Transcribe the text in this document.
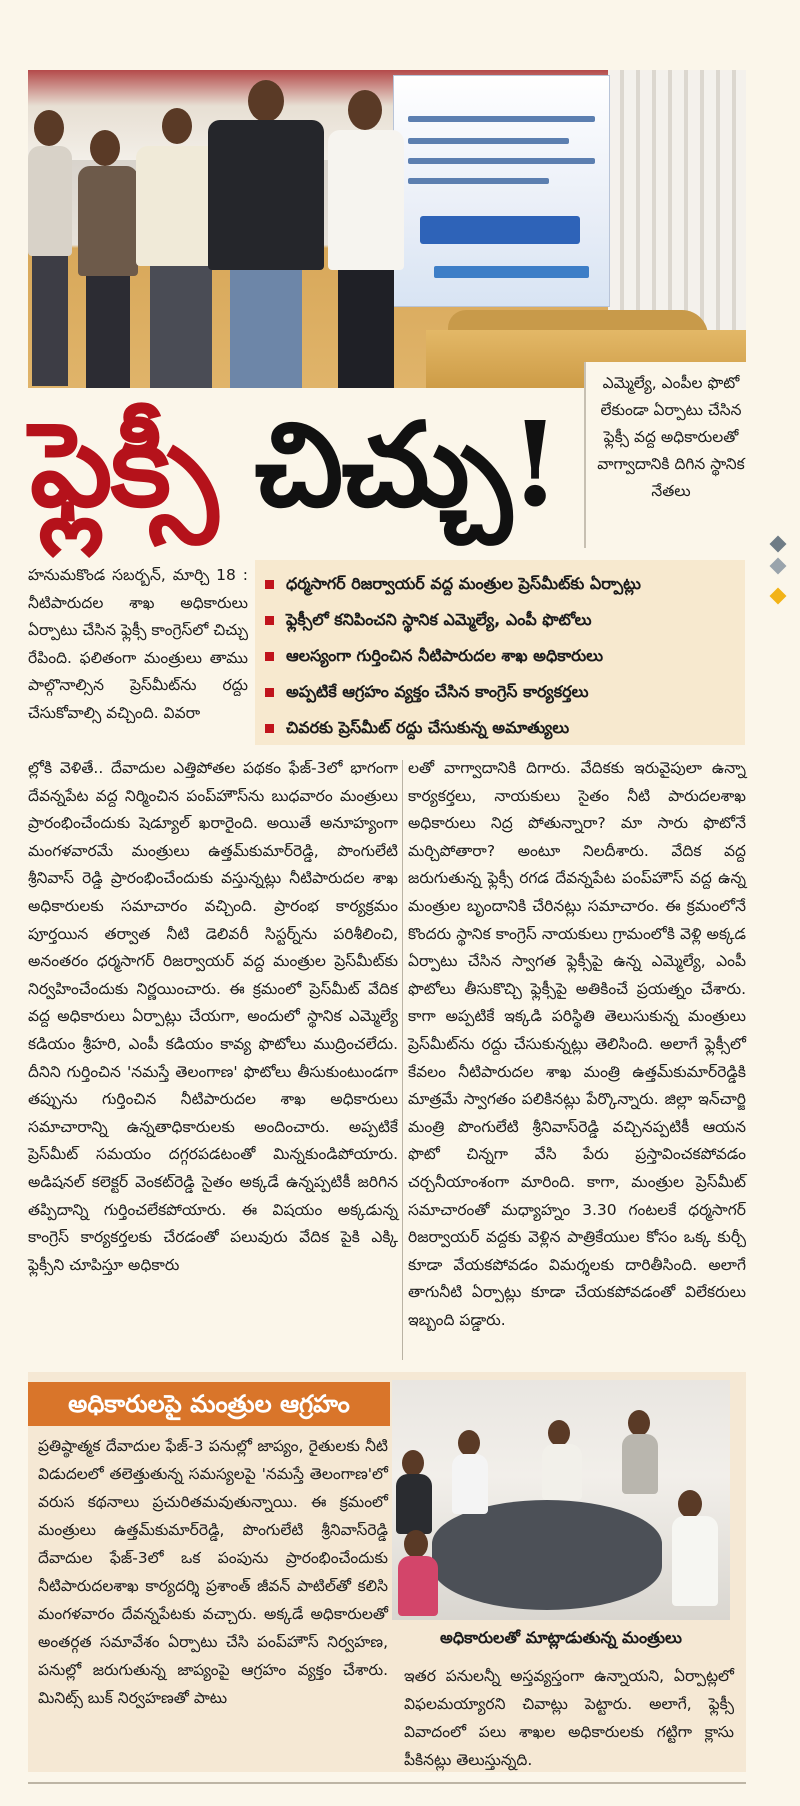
ఎమ్మెల్యే, ఎంపీల ఫొటో లేకుండా ఏర్పాటు చేసిన ఫ్లెక్సీ వద్ద అధికారులతో వాగ్వాదానికి దిగిన స్థానిక నేతలు

ఫ్లెక్సీ చిచ్చు!
ధర్మసాగర్ రిజర్వాయర్ వద్ద మంత్రుల ప్రెస్‌మీట్‌కు ఏర్పాట్లు
ఫ్లెక్సీలో కనిపించని స్థానిక ఎమ్మెల్యే, ఎంపీ ఫొటోలు
ఆలస్యంగా గుర్తించిన నీటిపారుదల శాఖ అధికారులు
అప్పటికే ఆగ్రహం వ్యక్తం చేసిన కాంగ్రెస్ కార్యకర్తలు
చివరకు ప్రెస్‌మీట్ రద్దు చేసుకున్న అమాత్యులు

హనుమకొండ సబర్బన్, మార్చి 18 : నీటిపారుదల శాఖ అధికారులు ఏర్పాటు చేసిన ఫ్లెక్సీ కాంగ్రెస్‌లో చిచ్చు రేపింది. ఫలితంగా మంత్రులు తాము పాల్గొనాల్సిన ప్రెస్‌మీట్‌ను రద్దు చేసుకోవాల్సి వచ్చింది. వివరా

ల్లోకి వెళితే.. దేవాదుల ఎత్తిపోతల పథకం ఫేజ్-3లో భాగంగా దేవన్నపేట వద్ద నిర్మించిన పంప్‌హౌస్‌ను బుధవారం మంత్రులు ప్రారంభించేందుకు షెడ్యూల్ ఖరారైంది. అయితే అనూహ్యంగా మంగళవారమే మంత్రులు ఉత్తమ్‌కుమార్‌రెడ్డి, పొంగులేటి శ్రీనివాస్ రెడ్డి ప్రారంభించేందుకు వస్తున్నట్లు నీటిపారుదల శాఖ అధికారులకు సమాచారం వచ్చింది. ప్రారంభ కార్యక్రమం పూర్తయిన తర్వాత నీటి డెలివరీ సిస్టర్న్‌ను పరిశీలించి, అనంతరం ధర్మసాగర్ రిజర్వాయర్ వద్ద మంత్రుల ప్రెస్‌మీట్‌కు నిర్వహించేందుకు నిర్ణయించారు. ఈ క్రమంలో ప్రెస్‌మీట్ వేదిక వద్ద అధికారులు ఏర్పాట్లు చేయగా, అందులో స్థానిక ఎమ్మెల్యే కడియం శ్రీహరి, ఎంపీ కడియం కావ్య ఫొటోలు ముద్రించలేదు. దీనిని గుర్తించిన 'నమస్తే తెలంగాణ' ఫొటోలు తీసుకుంటుండగా తప్పును గుర్తించిన నీటిపారుదల శాఖ అధికారులు సమాచారాన్ని ఉన్నతాధికారులకు అందించారు. అప్పటికే ప్రెస్‌మీట్ సమయం దగ్గరపడటంతో మిన్నకుండిపోయారు. అడిషనల్ కలెక్టర్ వెంకట్‌రెడ్డి సైతం అక్కడే ఉన్నప్పటికీ జరిగిన తప్పిదాన్ని గుర్తించలేకపోయారు. ఈ విషయం అక్కడున్న కాంగ్రెస్ కార్యకర్తలకు చేరడంతో పలువురు వేదిక పైకి ఎక్కి ఫ్లెక్సీని చూపిస్తూ అధికారు

లతో వాగ్వాదానికి దిగారు. వేదికకు ఇరువైపులా ఉన్నా కార్యకర్తలు, నాయకులు సైతం నీటి పారుదలశాఖ అధికారులు నిద్ర పోతున్నారా? మా సారు ఫొటోనే మర్చిపోతారా? అంటూ నిలదీశారు. వేదిక వద్ద జరుగుతున్న ఫ్లెక్సీ రగడ దేవన్నపేట పంప్‌హౌస్ వద్ద ఉన్న మంత్రుల బృందానికి చేరినట్లు సమాచారం. ఈ క్రమంలోనే కొందరు స్థానిక కాంగ్రెస్ నాయకులు గ్రామంలోకి వెళ్లి అక్కడ ఏర్పాటు చేసిన స్వాగత ఫ్లెక్సీపై ఉన్న ఎమ్మెల్యే, ఎంపీ ఫొటోలు తీసుకొచ్చి ఫ్లెక్సీపై అతికించే ప్రయత్నం చేశారు. కాగా అప్పటికే ఇక్కడి పరిస్థితి తెలుసుకున్న మంత్రులు ప్రెస్‌మీట్‌ను రద్దు చేసుకున్నట్లు తెలిసింది. అలాగే ఫ్లెక్సీలో కేవలం నీటిపారుదల శాఖ మంత్రి ఉత్తమ్‌కుమార్‌రెడ్డికి మాత్రమే స్వాగతం పలికినట్లు పేర్కొన్నారు. జిల్లా ఇన్‌చార్జి మంత్రి పొంగులేటి శ్రీనివాస్‌రెడ్డి వచ్చినప్పటికీ ఆయన ఫొటో చిన్నగా వేసి పేరు ప్రస్తావించకపోవడం చర్చనీయాంశంగా మారింది. కాగా, మంత్రుల ప్రెస్‌మీట్ సమాచారంతో మధ్యాహ్నం 3.30 గంటలకే ధర్మసాగర్ రిజర్వాయర్ వద్దకు వెళ్లిన పాత్రికేయుల కోసం ఒక్క కుర్చీ కూడా వేయకపోవడం విమర్శలకు దారితీసింది. అలాగే తాగునీటి ఏర్పాట్లు కూడా చేయకపోవడంతో విలేకరులు ఇబ్బంది పడ్డారు.

అధికారులపై మంత్రుల ఆగ్రహం

ప్రతిష్ఠాత్మక దేవాదుల ఫేజ్-3 పనుల్లో జాప్యం, రైతులకు నీటి విడుదలలో తలెత్తుతున్న సమస్యలపై 'నమస్తే తెలంగాణ'లో వరుస కథనాలు ప్రచురితమవుతున్నాయి. ఈ క్రమంలో మంత్రులు ఉత్తమ్‌కుమార్‌రెడ్డి, పొంగులేటి శ్రీనివాస్‌రెడ్డి దేవాదుల ఫేజ్-3లో ఒక పంపును ప్రారంభించేందుకు నీటిపారుదలశాఖ కార్యదర్శి ప్రశాంత్ జీవన్ పాటిల్‌తో కలిసి మంగళవారం దేవన్నపేటకు వచ్చారు. అక్కడే అధికారులతో అంతర్గత సమావేశం ఏర్పాటు చేసి పంప్‌హౌస్ నిర్వహణ, పనుల్లో జరుగుతున్న జాప్యంపై ఆగ్రహం వ్యక్తం చేశారు. మినిట్స్ బుక్ నిర్వహణతో పాటు

అధికారులతో మాట్లాడుతున్న మంత్రులు

ఇతర పనులన్నీ అస్తవ్యస్తంగా ఉన్నాయని, ఏర్పాట్లలో విఫలమయ్యారని చివాట్లు పెట్టారు. అలాగే, ఫ్లెక్సీ వివాదంలో పలు శాఖల అధికారులకు గట్టిగా క్లాసు పీకినట్లు తెలుస్తున్నది.
